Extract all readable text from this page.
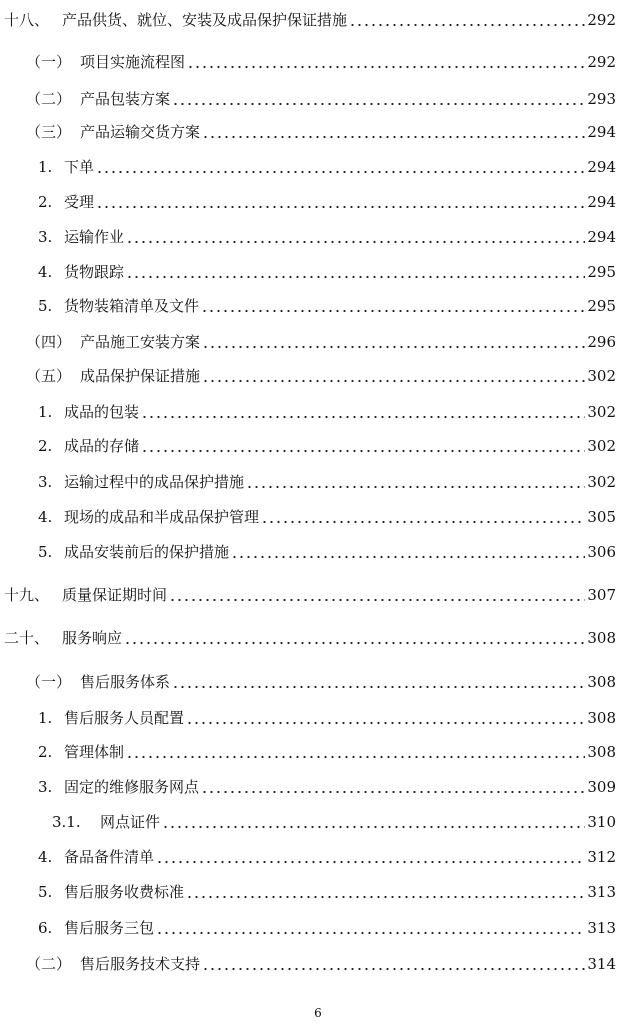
十八、 产品供货、就位、安装及成品保护保证措施	292
（一） 项目实施流程图	292
（二） 产品包装方案	293
（三） 产品运输交货方案	294
1. 下单	294
2. 受理	294
3. 运输作业	294
4. 货物跟踪	295
5. 货物装箱清单及文件	295
（四） 产品施工安装方案	296
（五） 成品保护保证措施	302
1. 成品的包装	302
2. 成品的存储	302
3. 运输过程中的成品保护措施	302
4. 现场的成品和半成品保护管理	305
5. 成品安装前后的保护措施	306
十九、 质量保证期时间	307
二十、 服务响应	308
（一） 售后服务体系	308
1. 售后服务人员配置	308
2. 管理体制	308
3. 固定的维修服务网点	309
3.1.	网点证件	310
4. 备品备件清单	312
5. 售后服务收费标准	313
6. 售后服务三包	313
（二） 售后服务技术支持	314
6
